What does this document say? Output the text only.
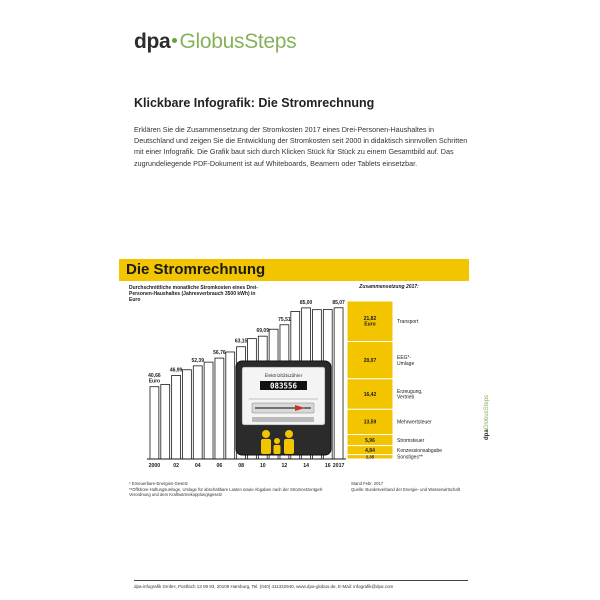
dpa GlobusSteps
Klickbare Infografik: Die Stromrechnung

Erklären Sie die Zusammensetzung der Stromkosten 2017 eines Drei-Personen-Haushaltes in Deutschland und zeigen Sie die Entwicklung der Stromkosten seit 2000 in didaktisch sinnvollen Schritten mit einer Infografik. Die Grafik baut sich durch Klicken Stück für Stück zu einem Gesamtbild auf. Das zugrundeliegende PDF-Dokument ist auf Whiteboards, Beamern oder Tablets einsetzbar.

Die Stromrechnung
Durchschnittliche monatliche Stromkosten eines Drei-Personen-Haushaltes (Jahresverbrauch 3500 kWh) in Euro
Zusammensetzung 2017:
40,66 Euro
46,99
52,39
56,76
63,15
69,09
75,51
85,00	85,07
2000 02	04	06	08	10	12	14	16 2017
Elektrizitätszähler
083556
21,82 Euro	Transport
20,07	EEG*-Umlage
16,42	Erzeugung, Vertrieb
13,59	Mehrwertsteuer
5,96	Stromsteuer
4,84	Konzessionsabgabe
2,35	Sonstiges**
* Erneuerbare-Energien-Gesetz
**Offshore-Haftungsumlage, Umlage für abschaltbare Lasten sowie Abgaben nach der Stromnetzentgelt-Verordnung und dem Kraftwärmekopplungsgesetz
Stand Febr. 2017
Quelle: Bundesverband der Energie- und Wasserwirtschaft
dpaGlobusSteps
dpa-infografik GmbH, Postfach 13 09 93, 20109 Hamburg, Tel. (040) 411332940, www.dpa-globus.de, E-Mail: infografik@dpa.com
